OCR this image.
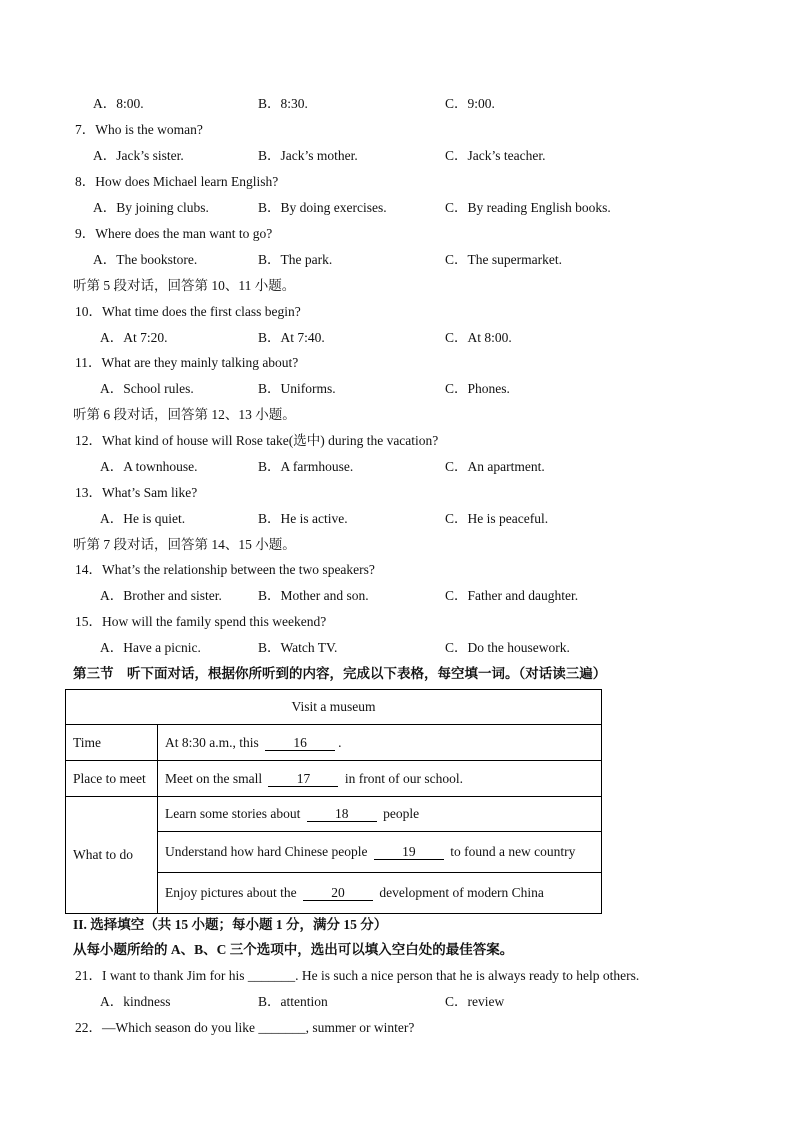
A．8:00.	B．8:30.	C．9:00.
7．Who is the woman?
A．Jack’s sister.	B．Jack’s mother.	C．Jack’s teacher.
8．How does Michael learn English?
A．By joining clubs.	B．By doing exercises.	C．By reading English books.
9．Where does the man want to go?
A．The bookstore.	B．The park.	C．The supermarket.
听第 5 段对话，回答第 10、11 小题。
10．What time does the first class begin?
A．At 7:20.	B．At 7:40.	C．At 8:00.
11．What are they mainly talking about?
A．School rules.	B．Uniforms.	C．Phones.
听第 6 段对话，回答第 12、13 小题。
12．What kind of house will Rose take(选中) during the vacation?
A．A townhouse.	B．A farmhouse.	C．An apartment.
13．What’s Sam like?
A．He is quiet.	B．He is active.	C．He is peaceful.
听第 7 段对话，回答第 14、15 小题。
14．What’s the relationship between the two speakers?
A．Brother and sister.	B．Mother and son.	C．Father and daughter.
15．How will the family spend this weekend?
A．Have a picnic.	B．Watch TV.	C．Do the housework.
第三节　听下面对话，根据你所听到的内容，完成以下表格，每空填一词。（对话读三遍）
Visit a museum	
Time	At 8:30 a.m., this 16 .
Place to meet	Meet on the small 17 in front of our school.
What to do	Learn some stories about 18 people
	Understand how hard Chinese people 19 to found a new country
	Enjoy pictures about the 20 development of modern China
II. 选择填空（共 15 小题；每小题 1 分，满分 15 分）
从每小题所给的 A、B、C 三个选项中，选出可以填入空白处的最佳答案。
21．I want to thank Jim for his _______. He is such a nice person that he is always ready to help others.
A．kindness	B．attention	C．review
22．—Which season do you like _______, summer or winter?
